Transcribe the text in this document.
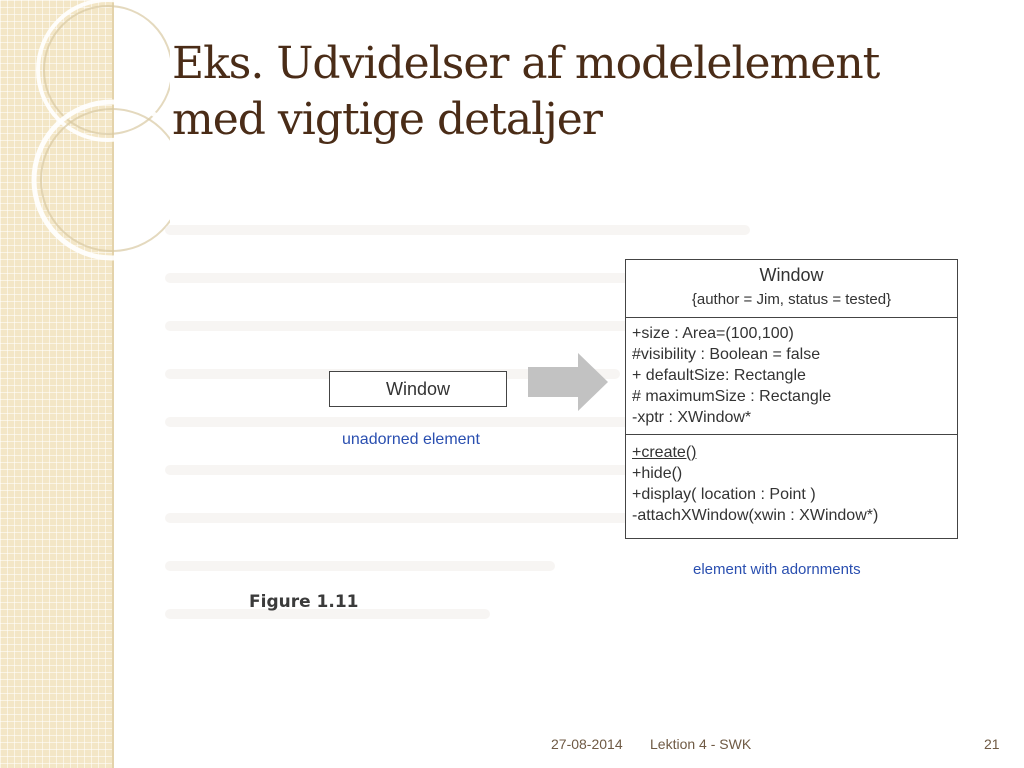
Eks. Udvidelser af modelelement
med vigtige detaljer
Window
unadorned element
Window
{author = Jim, status = tested}
+size : Area=(100,100)
#visibility : Boolean = false
+ defaultSize: Rectangle
# maximumSize : Rectangle
-xptr : XWindow*
+create()
+hide()
+display( location : Point )
-attachXWindow(xwin : XWindow*)
element with adornments
Figure 1.11
27-08-2014 Lektion 4 - SWK	21
